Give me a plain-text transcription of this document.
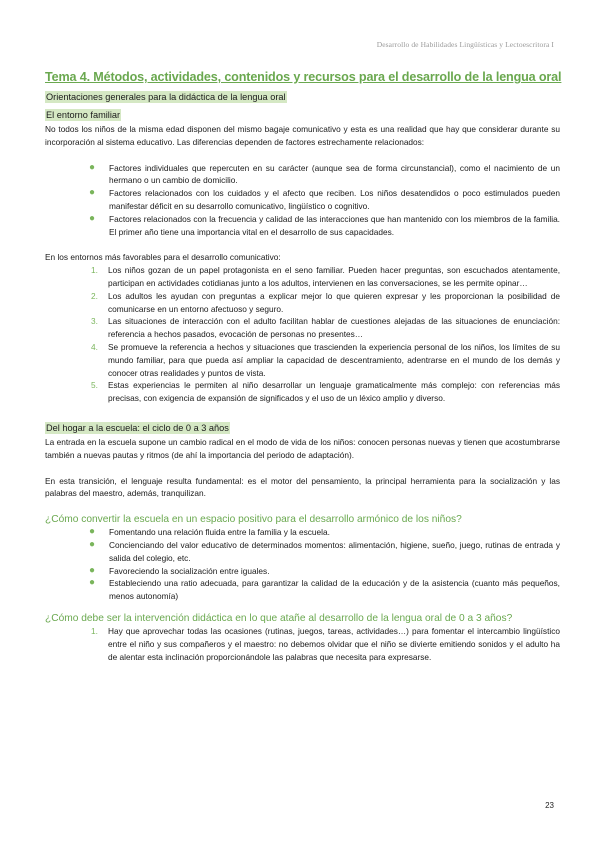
Desarrollo de Habilidades Lingüísticas y Lectoescritora I
Tema 4. Métodos, actividades, contenidos y recursos para el desarrollo de la lengua oral
Orientaciones generales para la didáctica de la lengua oral
El entorno familiar

No todos los niños de la misma edad disponen del mismo bagaje comunicativo y esta es una realidad que hay que considerar durante su incorporación al sistema educativo. Las diferencias dependen de factores estrechamente relacionados:

● Factores individuales que repercuten en su carácter (aunque sea de forma circunstancial), como el nacimiento de un hermano o un cambio de domicilio.
● Factores relacionados con los cuidados y el afecto que reciben. Los niños desatendidos o poco estimulados pueden manifestar déficit en su desarrollo comunicativo, lingüístico o cognitivo.
● Factores relacionados con la frecuencia y calidad de las interacciones que han mantenido con los miembros de la familia. El primer año tiene una importancia vital en el desarrollo de sus capacidades.

En los entornos más favorables para el desarrollo comunicativo:

1. Los niños gozan de un papel protagonista en el seno familiar. Pueden hacer preguntas, son escuchados atentamente, participan en actividades cotidianas junto a los adultos, intervienen en las conversaciones, se les permite opinar…
2. Los adultos les ayudan con preguntas a explicar mejor lo que quieren expresar y les proporcionan la posibilidad de comunicarse en un entorno afectuoso y seguro.
3. Las situaciones de interacción con el adulto facilitan hablar de cuestiones alejadas de las situaciones de enunciación: referencia a hechos pasados, evocación de personas no presentes…
4. Se promueve la referencia a hechos y situaciones que trascienden la experiencia personal de los niños, los límites de su mundo familiar, para que pueda así ampliar la capacidad de descentramiento, adentrarse en el mundo de los demás y conocer otras realidades y puntos de vista.
5. Estas experiencias le permiten al niño desarrollar un lenguaje gramaticalmente más complejo: con referencias más precisas, con exigencia de expansión de significados y el uso de un léxico amplio y diverso.
Del hogar a la escuela: el ciclo de 0 a 3 años

La entrada en la escuela supone un cambio radical en el modo de vida de los niños: conocen personas nuevas y tienen que acostumbrarse también a nuevas pautas y ritmos (de ahí la importancia del periodo de adaptación).

En esta transición, el lenguaje resulta fundamental: es el motor del pensamiento, la principal herramienta para la socialización y las palabras del maestro, además, tranquilizan.

¿Cómo convertir la escuela en un espacio positivo para el desarrollo armónico de los niños?

● Fomentando una relación fluida entre la familia y la escuela.
● Concienciando del valor educativo de determinados momentos: alimentación, higiene, sueño, juego, rutinas de entrada y salida del colegio, etc.
● Favoreciendo la socialización entre iguales.
● Estableciendo una ratio adecuada, para garantizar la calidad de la educación y de la asistencia (cuanto más pequeños, menos autonomía)

¿Cómo debe ser la intervención didáctica en lo que atañe al desarrollo de la lengua oral de 0 a 3 años?

1. Hay que aprovechar todas las ocasiones (rutinas, juegos, tareas, actividades…) para fomentar el intercambio lingüístico entre el niño y sus compañeros y el maestro: no debemos olvidar que el niño se divierte emitiendo sonidos y el adulto ha de alentar esta inclinación proporcionándole las palabras que necesita para expresarse.
23
